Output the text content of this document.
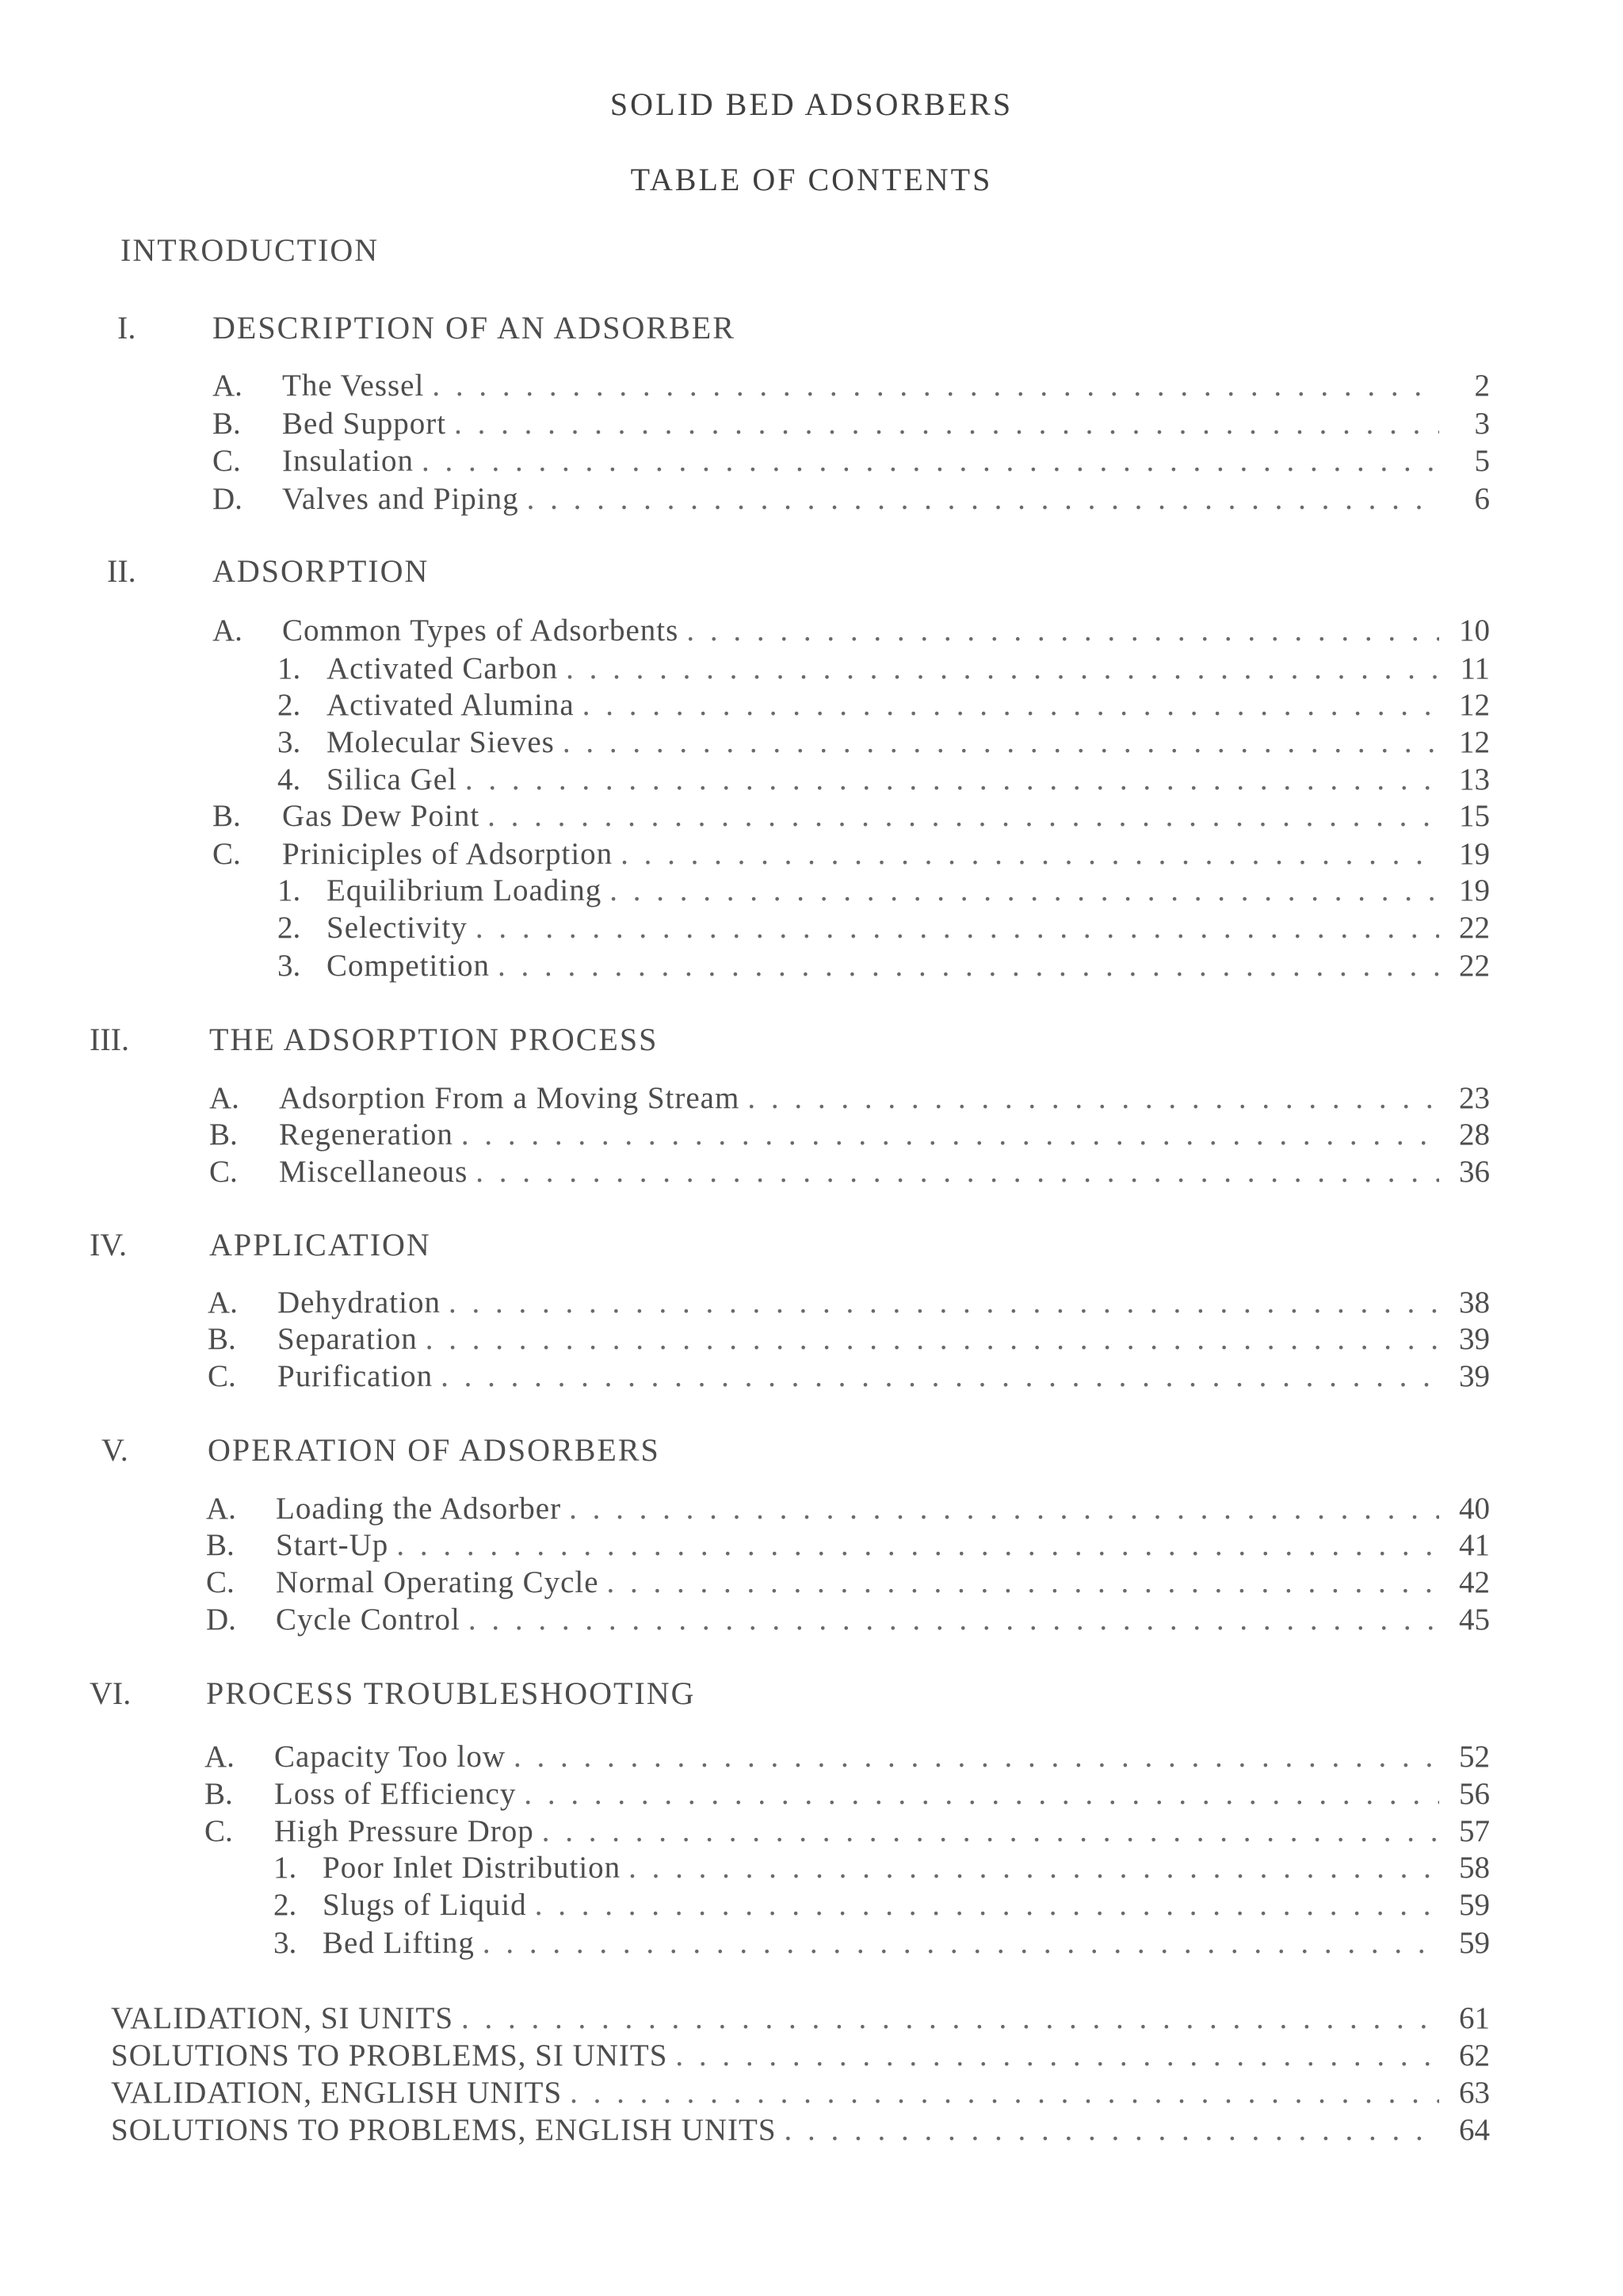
SOLID BED ADSORBERS
TABLE OF CONTENTS
INTRODUCTION
I. DESCRIPTION OF AN ADSORBER
A.	The Vessel . . .	2
B.	Bed Support . . .	3
C.	Insulation . . .	5
D.	Valves and Piping . . .	6
II. ADSORPTION
A.	Common Types of Adsorbents . . .	10
1. Activated Carbon . . .	11
2. Activated Alumina . . .	12
3. Molecular Sieves . . .	12
4. Silica Gel . . .	13
B.	Gas Dew Point . . .	15
C.	Priniciples of Adsorption . . .	19
1. Equilibrium Loading . . .	19
2. Selectivity . . .	22
3. Competition . . .	22
III.	THE ADSORPTION PROCESS
A.	Adsorption From a Moving Stream . . .	23
B.	Regeneration . . .	28
C.	Miscellaneous . . .	36
IV.	APPLICATION
A.	Dehydration . . .	38
B.	Separation . . .	39
C.	Purification . . .	39
V.	OPERATION OF ADSORBERS
A.	Loading the Adsorber . . .	40
B.	Start-Up . . .	41
C.	Normal Operating Cycle . . .	42
D.	Cycle Control . . .	45
VI. PROCESS TROUBLESHOOTING
A.	Capacity Too low . . .	52
B.	Loss of Efficiency . . .	56
C.	High Pressure Drop . . .	57
1. Poor Inlet Distribution . . .	58
2. Slugs of Liquid . . .	59
3. Bed Lifting . . .	59
VALIDATION, SI UNITS . . .	61
SOLUTIONS TO PROBLEMS, SI UNITS . . .	62
VALIDATION, ENGLISH UNITS . . .	63
SOLUTIONS TO PROBLEMS, ENGLISH UNITS . . .	64
